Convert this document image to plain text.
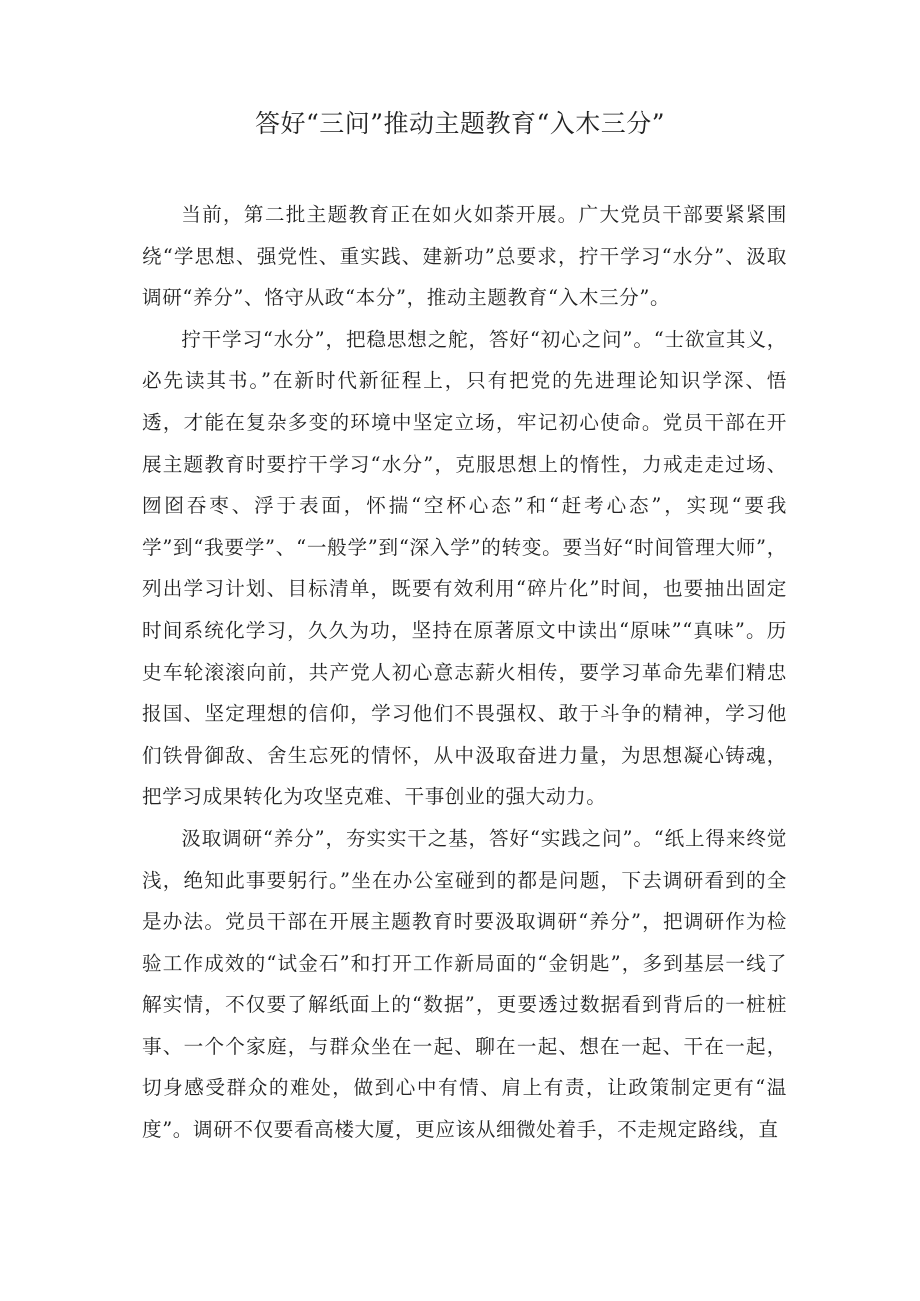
答好“三问”推动主题教育“入木三分”

当前，第二批主题教育正在如火如荼开展。广大党员干部要紧紧围绕“学思想、强党性、重实践、建新功”总要求，拧干学习“水分”、汲取调研“养分”、恪守从政“本分”，推动主题教育“入木三分”。

拧干学习“水分”，把稳思想之舵，答好“初心之问”。“士欲宣其义，必先读其书。”在新时代新征程上，只有把党的先进理论知识学深、悟透，才能在复杂多变的环境中坚定立场，牢记初心使命。党员干部在开展主题教育时要拧干学习“水分”，克服思想上的惰性，力戒走走过场、囫囵吞枣、浮于表面，怀揣“空杯心态”和“赶考心态”，实现“要我学”到“我要学”、“一般学”到“深入学”的转变。要当好“时间管理大师”，列出学习计划、目标清单，既要有效利用“碎片化”时间，也要抽出固定时间系统化学习，久久为功，坚持在原著原文中读出“原味”“真味”。历史车轮滚滚向前，共产党人初心意志薪火相传，要学习革命先辈们精忠报国、坚定理想的信仰，学习他们不畏强权、敢于斗争的精神，学习他们铁骨御敌、舍生忘死的情怀，从中汲取奋进力量，为思想凝心铸魂，把学习成果转化为攻坚克难、干事创业的强大动力。

汲取调研“养分”，夯实实干之基，答好“实践之问”。“纸上得来终觉浅，绝知此事要躬行。”坐在办公室碰到的都是问题，下去调研看到的全是办法。党员干部在开展主题教育时要汲取调研“养分”，把调研作为检验工作成效的“试金石”和打开工作新局面的“金钥匙”，多到基层一线了解实情，不仅要了解纸面上的“数据”，更要透过数据看到背后的一桩桩事、一个个家庭，与群众坐在一起、聊在一起、想在一起、干在一起，切身感受群众的难处，做到心中有情、肩上有责，让政策制定更有“温度”。调研不仅要看高楼大厦，更应该从细微处着手，不走规定路线，直
